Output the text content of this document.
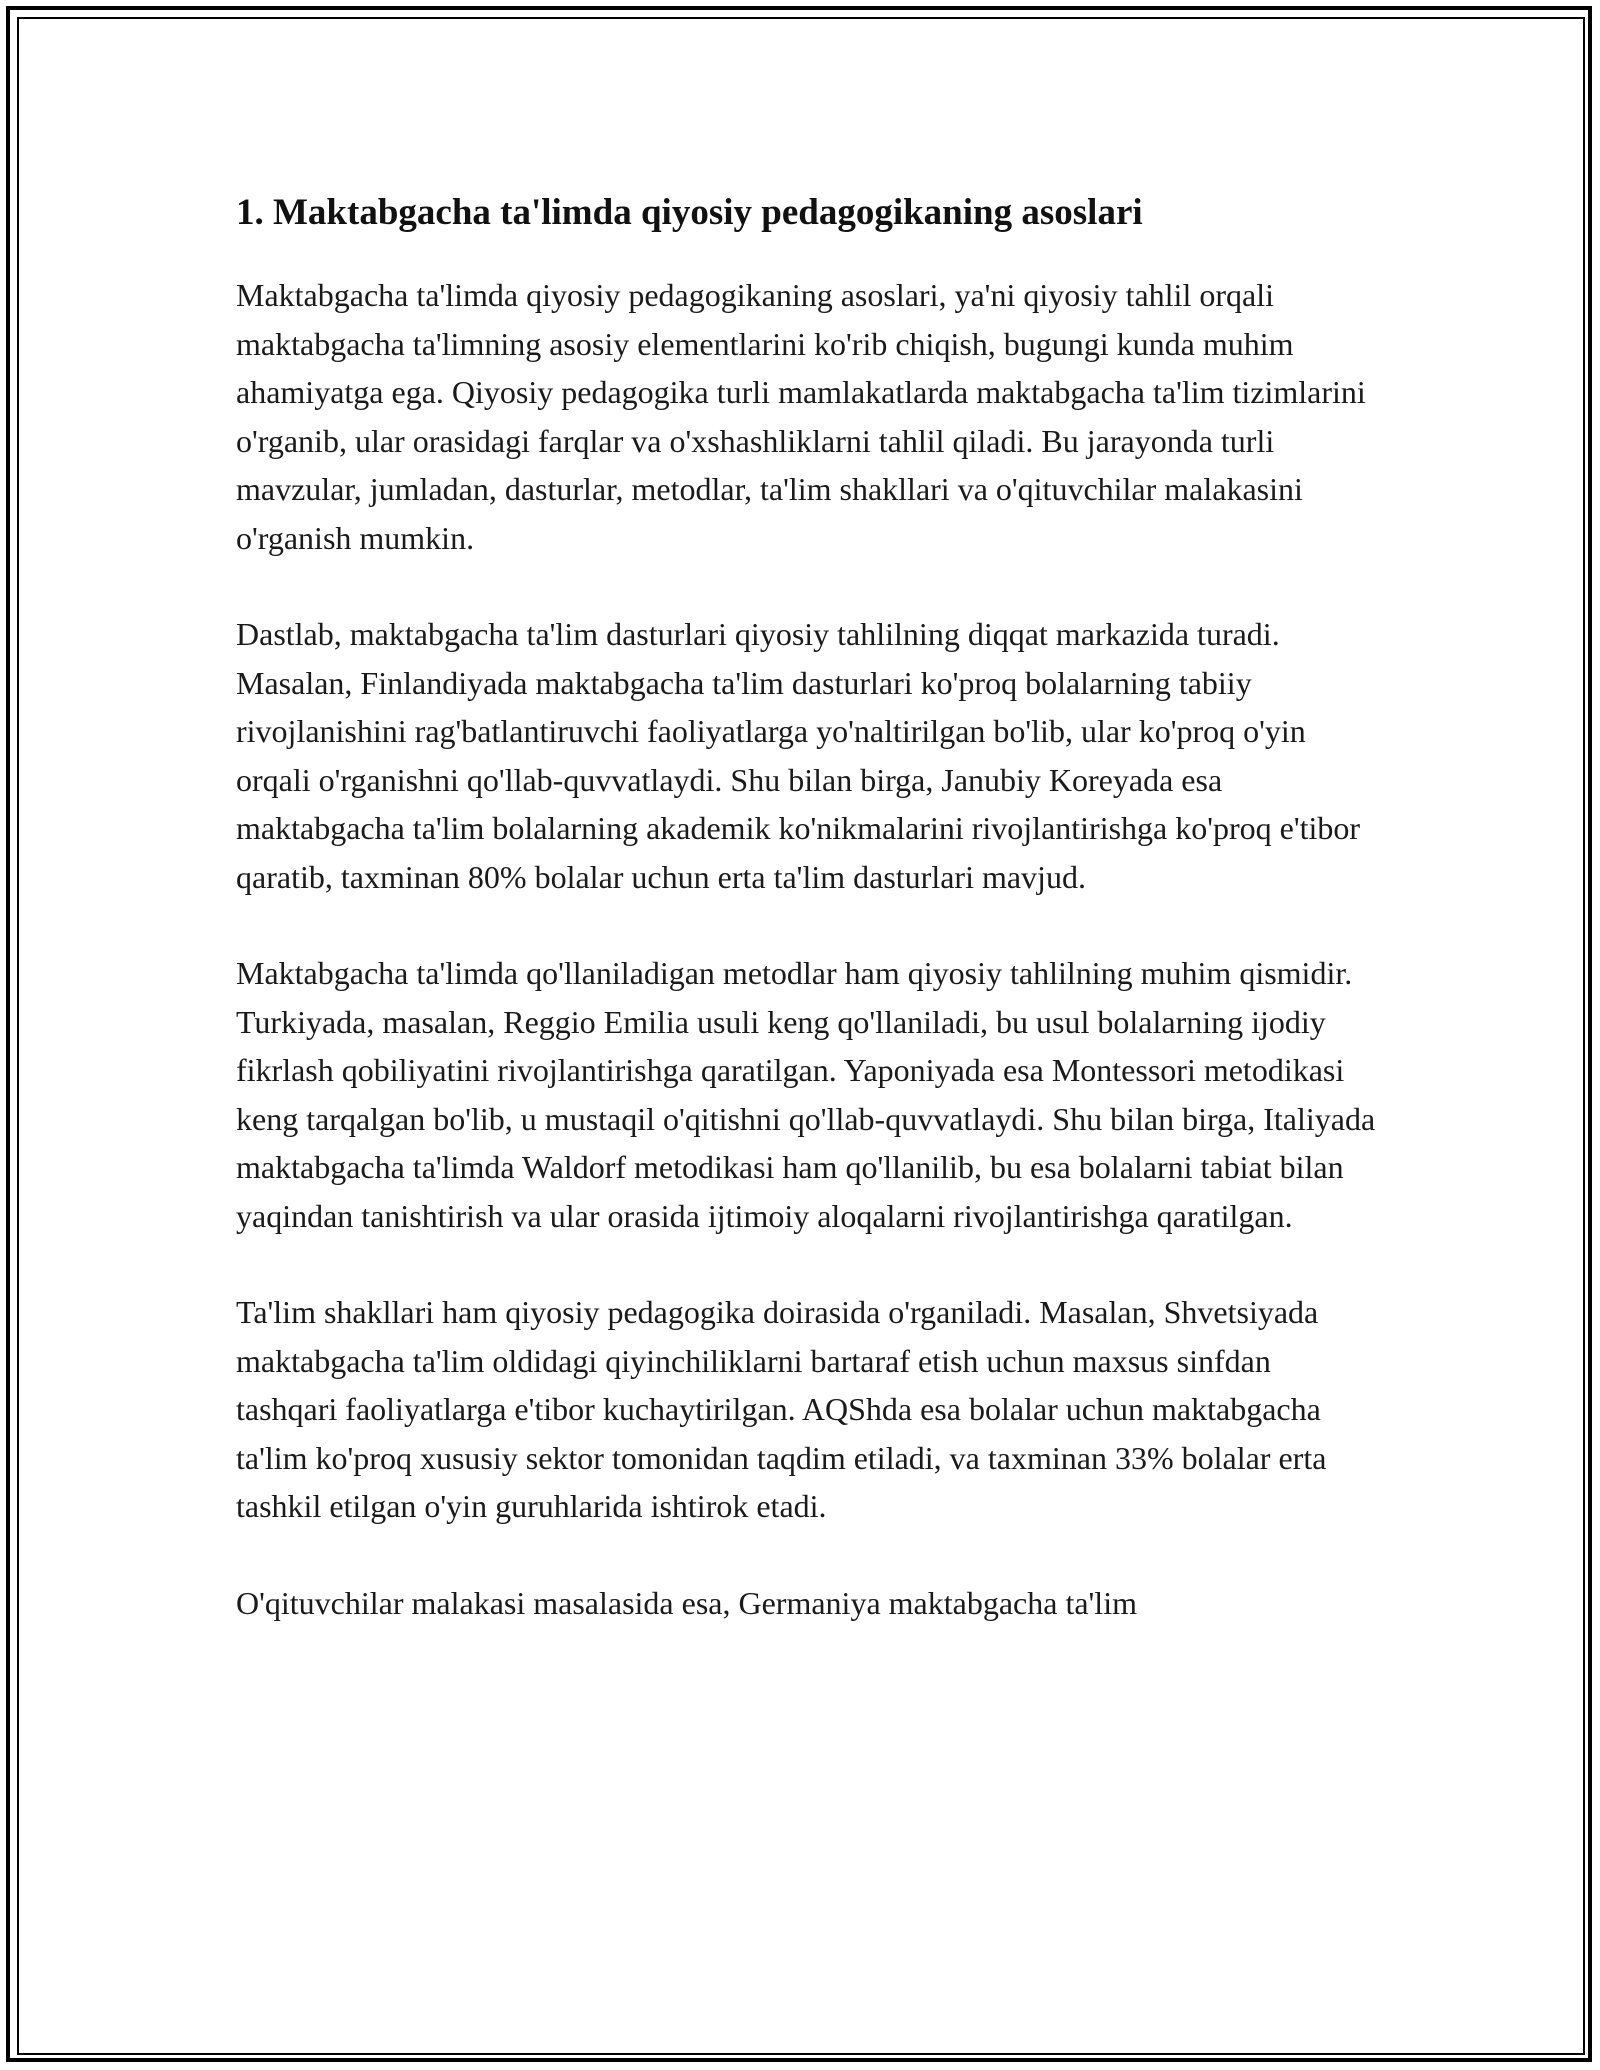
1. Maktabgacha ta'limda qiyosiy pedagogikaning asoslari

Maktabgacha ta'limda qiyosiy pedagogikaning asoslari, ya'ni qiyosiy tahlil orqali maktabgacha ta'limning asosiy elementlarini ko'rib chiqish, bugungi kunda muhim ahamiyatga ega. Qiyosiy pedagogika turli mamlakatlarda maktabgacha ta'lim tizimlarini o'rganib, ular orasidagi farqlar va o'xshashliklarni tahlil qiladi. Bu jarayonda turli mavzular, jumladan, dasturlar, metodlar, ta'lim shakllari va o'qituvchilar malakasini o'rganish mumkin.

Dastlab, maktabgacha ta'lim dasturlari qiyosiy tahlilning diqqat markazida turadi. Masalan, Finlandiyada maktabgacha ta'lim dasturlari ko'proq bolalarning tabiiy rivojlanishini rag'batlantiruvchi faoliyatlarga yo'naltirilgan bo'lib, ular ko'proq o'yin orqali o'rganishni qo'llab-quvvatlaydi. Shu bilan birga, Janubiy Koreyada esa maktabgacha ta'lim bolalarning akademik ko'nikmalarini rivojlantirishga ko'proq e'tibor qaratib, taxminan 80% bolalar uchun erta ta'lim dasturlari mavjud.

Maktabgacha ta'limda qo'llaniladigan metodlar ham qiyosiy tahlilning muhim qismidir. Turkiyada, masalan, Reggio Emilia usuli keng qo'llaniladi, bu usul bolalarning ijodiy fikrlash qobiliyatini rivojlantirishga qaratilgan. Yaponiyada esa Montessori metodikasi keng tarqalgan bo'lib, u mustaqil o'qitishni qo'llab-quvvatlaydi. Shu bilan birga, Italiyada maktabgacha ta'limda Waldorf metodikasi ham qo'llanilib, bu esa bolalarni tabiat bilan yaqindan tanishtirish va ular orasida ijtimoiy aloqalarni rivojlantirishga qaratilgan.

Ta'lim shakllari ham qiyosiy pedagogika doirasida o'rganiladi. Masalan, Shvetsiyada maktabgacha ta'lim oldidagi qiyinchiliklarni bartaraf etish uchun maxsus sinfdan tashqari faoliyatlarga e'tibor kuchaytirilgan. AQShda esa bolalar uchun maktabgacha ta'lim ko'proq xususiy sektor tomonidan taqdim etiladi, va taxminan 33% bolalar erta tashkil etilgan o'yin guruhlarida ishtirok etadi.

O'qituvchilar malakasi masalasida esa, Germaniya maktabgacha ta'lim
